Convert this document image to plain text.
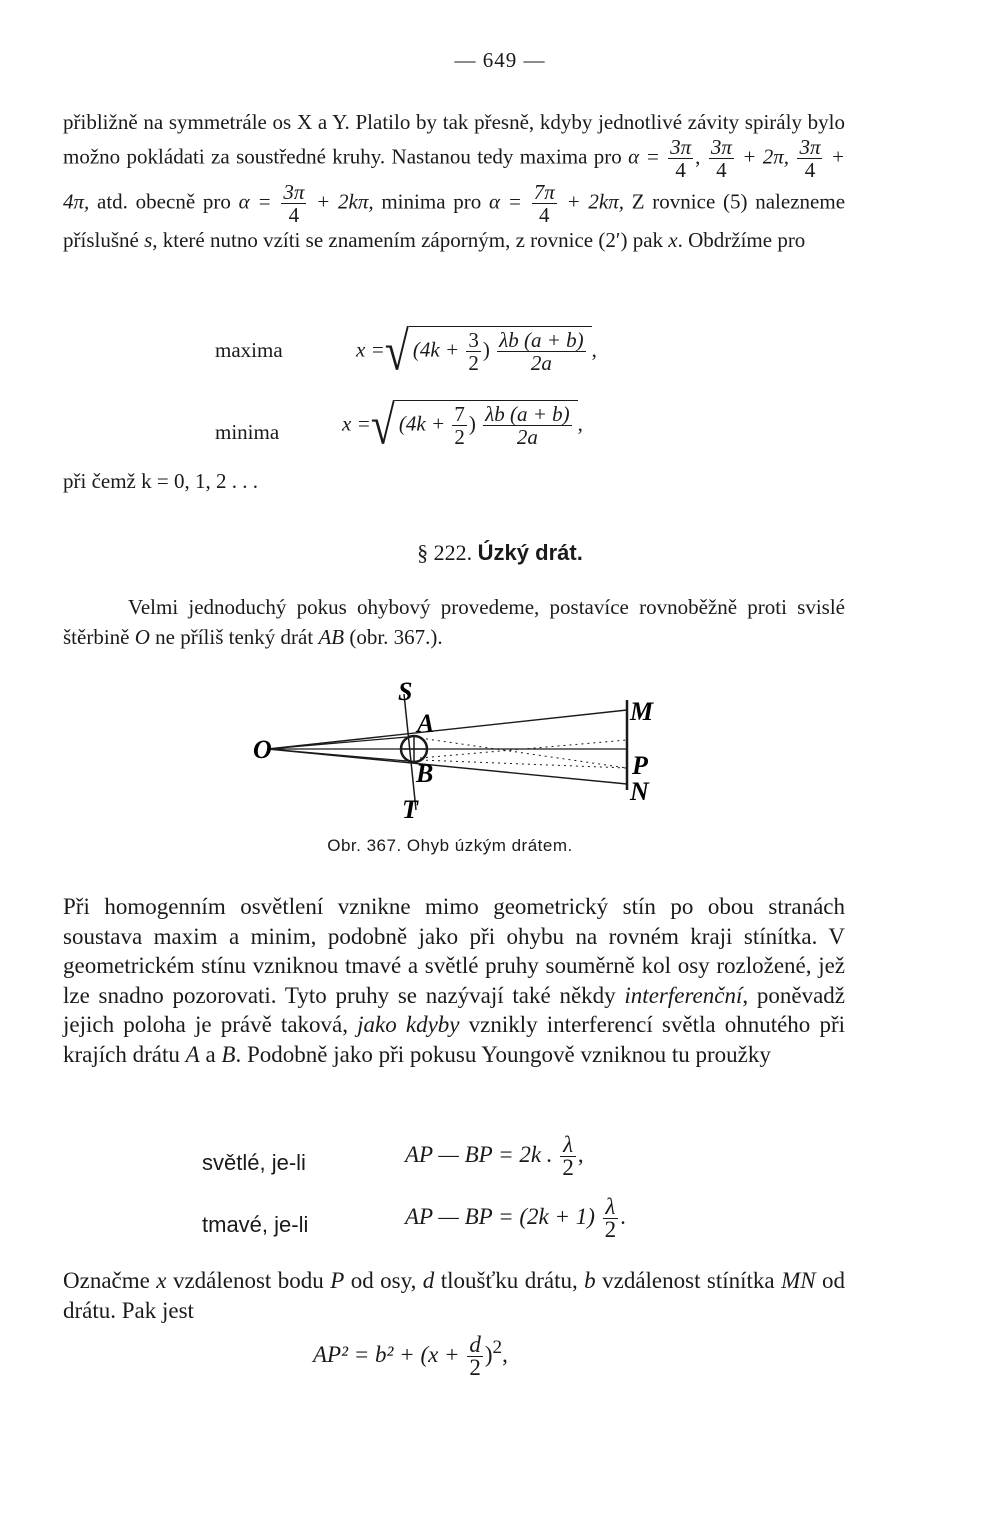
— 649 —
přibližně na symmetrále os X a Y. Platilo by tak přesně, kdyby jednotlivé závity spirály bylo možno pokládati za soustředné kruhy. Nastanou tedy maxima pro $\alpha = \frac{3\pi}{4}$ , $\frac{3\pi}{4} + 2\pi$, $\frac{3\pi}{4} + 4\pi$, atd. obecně pro $\alpha = \frac{3\pi}{4} + 2k\pi$, minima pro $\alpha = \frac{7\pi}{4} + 2k\pi$, Z rovnice (5) nalezneme příslušné s, které nutno vzíti se znamením záporným, z rovnice (2′) pak x. Obdržíme pro
maxima	x =√ ($4k + \frac{3}{2}$ ) $\frac{\lambda b (a + b)}{2a}$ ,
minima	x =√ ($4k + \frac{7}{2}$ ) $\frac{\lambda b (a + b)}{2a}$ ,
při čemž k = 0, 1, 2 . . .
§ 222. Úzký drát.
Velmi jednoduchý pokus ohybový provedeme, postavíce rovnoběžně proti svislé štěrbině O ne příliš tenký drát AB (obr. 367.).
S
A	M
O
B	P
N
T
Obr. 367. Ohyb úzkým drátem.
Při homogenním osvětlení vznikne mimo geometrický stín po obou stranách soustava maxim a minim, podobně jako při ohybu na rovném kraji stínítka. V geometrickém stínu vzniknou tmavé a světlé pruhy souměrně kol osy rozložené, jež lze snadno pozorovati. Tyto pruhy se nazývají také někdy interferenční, poněvadž jejich poloha je právě taková, jako kdyby vznikly interferencí světla ohnutého při krajích drátu A a B. Podobně jako při pokusu Youngově vzniknou tu proužky
světlé, je-li	AP — BP = 2k . $\frac{\lambda}{2}$ ,
tmavé, je-li	AP — BP = $(2k + 1) \frac{\lambda}{2}$ .
Označme x vzdálenost bodu P od osy, d tloušťku drátu, b vzdálenost stínítka MN od drátu. Pak jest
$AP^2 = b^2 + (x + \frac{d}{2} )^2$,
